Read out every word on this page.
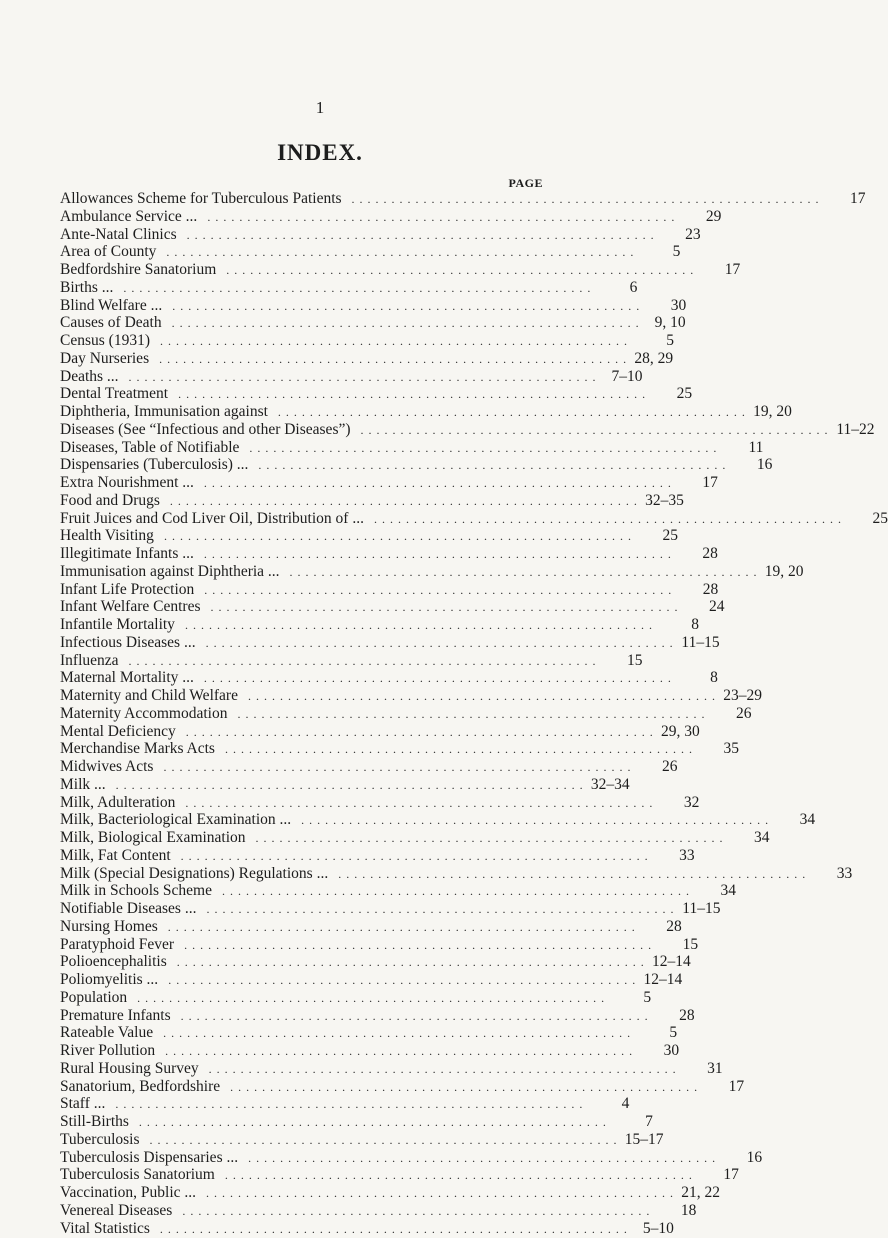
1
INDEX.
PAGE
Allowances Scheme for Tuberculous Patients . . . . . . . . . . . . . . . . . . . . . . . . . . . . . . . . . . . . . . . . . . . . . . . . . . . . . . . . . . .	17
Ambulance Service ... . . . . . . . . . . . . . . . . . . . . . . . . . . . . . . . . . . . . . . . . . . . . . . . . . . . . . . . . . . .	29
Ante-Natal Clinics . . . . . . . . . . . . . . . . . . . . . . . . . . . . . . . . . . . . . . . . . . . . . . . . . . . . . . . . . . .	23
Area of County . . . . . . . . . . . . . . . . . . . . . . . . . . . . . . . . . . . . . . . . . . . . . . . . . . . . . . . . . . .	5
Bedfordshire Sanatorium . . . . . . . . . . . . . . . . . . . . . . . . . . . . . . . . . . . . . . . . . . . . . . . . . . . . . . . . . . .	17
Births ... . . . . . . . . . . . . . . . . . . . . . . . . . . . . . . . . . . . . . . . . . . . . . . . . . . . . . . . . . . .	6
Blind Welfare ... . . . . . . . . . . . . . . . . . . . . . . . . . . . . . . . . . . . . . . . . . . . . . . . . . . . . . . . . . . .	30
Causes of Death . . . . . . . . . . . . . . . . . . . . . . . . . . . . . . . . . . . . . . . . . . . . . . . . . . . . . . . . . . . 9, 10
Census (1931) . . . . . . . . . . . . . . . . . . . . . . . . . . . . . . . . . . . . . . . . . . . . . . . . . . . . . . . . . . .	5
Day Nurseries . . . . . . . . . . . . . . . . . . . . . . . . . . . . . . . . . . . . . . . . . . . . . . . . . . . . . . . . . . . 28, 29
Deaths ... . . . . . . . . . . . . . . . . . . . . . . . . . . . . . . . . . . . . . . . . . . . . . . . . . . . . . . . . . . . 7–10
Dental Treatment . . . . . . . . . . . . . . . . . . . . . . . . . . . . . . . . . . . . . . . . . . . . . . . . . . . . . . . . . . .	25
Diphtheria, Immunisation against . . . . . . . . . . . . . . . . . . . . . . . . . . . . . . . . . . . . . . . . . . . . . . . . . . . . . . . . . . . 19, 20
Diseases (See “Infectious and other Diseases”) . . . . . . . . . . . . . . . . . . . . . . . . . . . . . . . . . . . . . . . . . . . . . . . . . . . . . . . . . . . 11–22
Diseases, Table of Notifiable . . . . . . . . . . . . . . . . . . . . . . . . . . . . . . . . . . . . . . . . . . . . . . . . . . . . . . . . . . .	11
Dispensaries (Tuberculosis) ... . . . . . . . . . . . . . . . . . . . . . . . . . . . . . . . . . . . . . . . . . . . . . . . . . . . . . . . . . . .	16
Extra Nourishment ... . . . . . . . . . . . . . . . . . . . . . . . . . . . . . . . . . . . . . . . . . . . . . . . . . . . . . . . . . . .	17
Food and Drugs . . . . . . . . . . . . . . . . . . . . . . . . . . . . . . . . . . . . . . . . . . . . . . . . . . . . . . . . . . . 32–35
Fruit Juices and Cod Liver Oil, Distribution of ... . . . . . . . . . . . . . . . . . . . . . . . . . . . . . . . . . . . . . . . . . . . . . . . . . . . . . . . . . . .	25
Health Visiting . . . . . . . . . . . . . . . . . . . . . . . . . . . . . . . . . . . . . . . . . . . . . . . . . . . . . . . . . . .	25
Illegitimate Infants ... . . . . . . . . . . . . . . . . . . . . . . . . . . . . . . . . . . . . . . . . . . . . . . . . . . . . . . . . . . .	28
Immunisation against Diphtheria ... . . . . . . . . . . . . . . . . . . . . . . . . . . . . . . . . . . . . . . . . . . . . . . . . . . . . . . . . . . . 19, 20
Infant Life Protection . . . . . . . . . . . . . . . . . . . . . . . . . . . . . . . . . . . . . . . . . . . . . . . . . . . . . . . . . . .	28
Infant Welfare Centres . . . . . . . . . . . . . . . . . . . . . . . . . . . . . . . . . . . . . . . . . . . . . . . . . . . . . . . . . . .	24
Infantile Mortality . . . . . . . . . . . . . . . . . . . . . . . . . . . . . . . . . . . . . . . . . . . . . . . . . . . . . . . . . . .	8
Infectious Diseases ... . . . . . . . . . . . . . . . . . . . . . . . . . . . . . . . . . . . . . . . . . . . . . . . . . . . . . . . . . . . 11–15
Influenza . . . . . . . . . . . . . . . . . . . . . . . . . . . . . . . . . . . . . . . . . . . . . . . . . . . . . . . . . . .	15
Maternal Mortality ... . . . . . . . . . . . . . . . . . . . . . . . . . . . . . . . . . . . . . . . . . . . . . . . . . . . . . . . . . . .	8
Maternity and Child Welfare . . . . . . . . . . . . . . . . . . . . . . . . . . . . . . . . . . . . . . . . . . . . . . . . . . . . . . . . . . . 23–29
Maternity Accommodation . . . . . . . . . . . . . . . . . . . . . . . . . . . . . . . . . . . . . . . . . . . . . . . . . . . . . . . . . . .	26
Mental Deficiency . . . . . . . . . . . . . . . . . . . . . . . . . . . . . . . . . . . . . . . . . . . . . . . . . . . . . . . . . . . 29, 30
Merchandise Marks Acts . . . . . . . . . . . . . . . . . . . . . . . . . . . . . . . . . . . . . . . . . . . . . . . . . . . . . . . . . . .	35
Midwives Acts . . . . . . . . . . . . . . . . . . . . . . . . . . . . . . . . . . . . . . . . . . . . . . . . . . . . . . . . . . .	26
Milk ... . . . . . . . . . . . . . . . . . . . . . . . . . . . . . . . . . . . . . . . . . . . . . . . . . . . . . . . . . . . 32–34
Milk, Adulteration . . . . . . . . . . . . . . . . . . . . . . . . . . . . . . . . . . . . . . . . . . . . . . . . . . . . . . . . . . .	32
Milk, Bacteriological Examination ... . . . . . . . . . . . . . . . . . . . . . . . . . . . . . . . . . . . . . . . . . . . . . . . . . . . . . . . . . . .	34
Milk, Biological Examination . . . . . . . . . . . . . . . . . . . . . . . . . . . . . . . . . . . . . . . . . . . . . . . . . . . . . . . . . . .	34
Milk, Fat Content . . . . . . . . . . . . . . . . . . . . . . . . . . . . . . . . . . . . . . . . . . . . . . . . . . . . . . . . . . .	33
Milk (Special Designations) Regulations ... . . . . . . . . . . . . . . . . . . . . . . . . . . . . . . . . . . . . . . . . . . . . . . . . . . . . . . . . . . .	33
Milk in Schools Scheme . . . . . . . . . . . . . . . . . . . . . . . . . . . . . . . . . . . . . . . . . . . . . . . . . . . . . . . . . . .	34
Notifiable Diseases ... . . . . . . . . . . . . . . . . . . . . . . . . . . . . . . . . . . . . . . . . . . . . . . . . . . . . . . . . . . . 11–15
Nursing Homes . . . . . . . . . . . . . . . . . . . . . . . . . . . . . . . . . . . . . . . . . . . . . . . . . . . . . . . . . . .	28
Paratyphoid Fever . . . . . . . . . . . . . . . . . . . . . . . . . . . . . . . . . . . . . . . . . . . . . . . . . . . . . . . . . . .	15
Polioencephalitis . . . . . . . . . . . . . . . . . . . . . . . . . . . . . . . . . . . . . . . . . . . . . . . . . . . . . . . . . . . 12–14
Poliomyelitis ... . . . . . . . . . . . . . . . . . . . . . . . . . . . . . . . . . . . . . . . . . . . . . . . . . . . . . . . . . . . 12–14
Population . . . . . . . . . . . . . . . . . . . . . . . . . . . . . . . . . . . . . . . . . . . . . . . . . . . . . . . . . . .	5
Premature Infants . . . . . . . . . . . . . . . . . . . . . . . . . . . . . . . . . . . . . . . . . . . . . . . . . . . . . . . . . . .	28
Rateable Value . . . . . . . . . . . . . . . . . . . . . . . . . . . . . . . . . . . . . . . . . . . . . . . . . . . . . . . . . . .	5
River Pollution . . . . . . . . . . . . . . . . . . . . . . . . . . . . . . . . . . . . . . . . . . . . . . . . . . . . . . . . . . .	30
Rural Housing Survey . . . . . . . . . . . . . . . . . . . . . . . . . . . . . . . . . . . . . . . . . . . . . . . . . . . . . . . . . . .	31
Sanatorium, Bedfordshire . . . . . . . . . . . . . . . . . . . . . . . . . . . . . . . . . . . . . . . . . . . . . . . . . . . . . . . . . . .	17
Staff ... . . . . . . . . . . . . . . . . . . . . . . . . . . . . . . . . . . . . . . . . . . . . . . . . . . . . . . . . . . .	4
Still-Births . . . . . . . . . . . . . . . . . . . . . . . . . . . . . . . . . . . . . . . . . . . . . . . . . . . . . . . . . . .	7
Tuberculosis . . . . . . . . . . . . . . . . . . . . . . . . . . . . . . . . . . . . . . . . . . . . . . . . . . . . . . . . . . . 15–17
Tuberculosis Dispensaries ... . . . . . . . . . . . . . . . . . . . . . . . . . . . . . . . . . . . . . . . . . . . . . . . . . . . . . . . . . . .	16
Tuberculosis Sanatorium . . . . . . . . . . . . . . . . . . . . . . . . . . . . . . . . . . . . . . . . . . . . . . . . . . . . . . . . . . .	17
Vaccination, Public ... . . . . . . . . . . . . . . . . . . . . . . . . . . . . . . . . . . . . . . . . . . . . . . . . . . . . . . . . . . . 21, 22
Venereal Diseases . . . . . . . . . . . . . . . . . . . . . . . . . . . . . . . . . . . . . . . . . . . . . . . . . . . . . . . . . . .	18
Vital Statistics . . . . . . . . . . . . . . . . . . . . . . . . . . . . . . . . . . . . . . . . . . . . . . . . . . . . . . . . . . . 5–10
